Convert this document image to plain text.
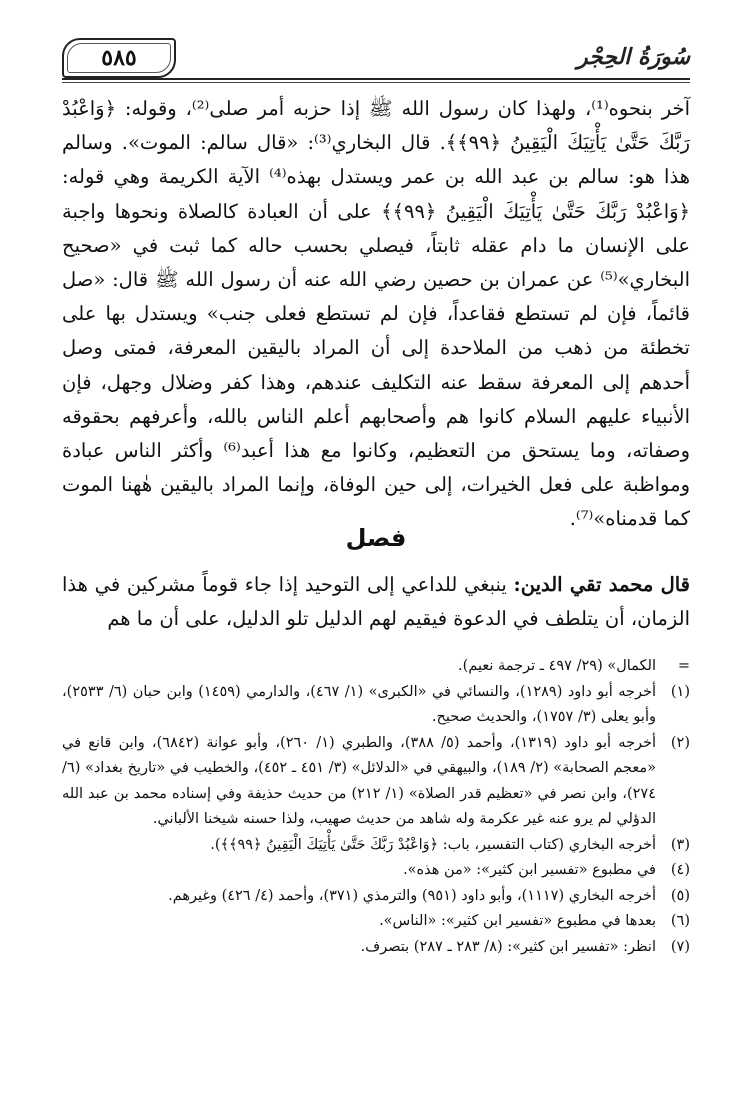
سُورَةُ الحِجْر
٥٨٥

آخر بنحوه⁽¹⁾، ولهذا كان رسول الله ﷺ إذا حزبه أمر صلى⁽²⁾، وقوله: ﴿وَاعْبُدْ رَبَّكَ حَتَّىٰ يَأْتِيَكَ الْيَقِينُ ﴿٩٩﴾﴾. قال البخاري⁽³⁾: «قال سالم: الموت». وسالم هذا هو: سالم بن عبد الله بن عمر ويستدل بهذه⁽⁴⁾ الآية الكريمة وهي قوله: ﴿وَاعْبُدْ رَبَّكَ حَتَّىٰ يَأْتِيَكَ الْيَقِينُ ﴿٩٩﴾﴾ على أن العبادة كالصلاة ونحوها واجبة على الإنسان ما دام عقله ثابتاً، فيصلي بحسب حاله كما ثبت في «صحيح البخاري»⁽⁵⁾ عن عمران بن حصين رضي الله عنه أن رسول الله ﷺ قال: «صل قائماً، فإن لم تستطع فقاعداً، فإن لم تستطع فعلى جنب» ويستدل بها على تخطئة من ذهب من الملاحدة إلى أن المراد باليقين المعرفة، فمتى وصل أحدهم إلى المعرفة سقط عنه التكليف عندهم، وهذا كفر وضلال وجهل، فإن الأنبياء عليهم السلام كانوا هم وأصحابهم أعلم الناس بالله، وأعرفهم بحقوقه وصفاته، وما يستحق من التعظيم، وكانوا مع هذا أعبد⁽⁶⁾ وأكثر الناس عبادة ومواظبة على فعل الخيرات، إلى حين الوفاة، وإنما المراد باليقين هٰهنا الموت كما قدمناه»⁽⁷⁾.

فصل

قال محمد تقي الدين: ينبغي للداعي إلى التوحيد إذا جاء قوماً مشركين في هذا الزمان، أن يتلطف في الدعوة فيقيم لهم الدليل تلو الدليل، على أن ما هم

=
الكمال» (٢٩/ ٤٩٧ ـ ترجمة نعيم).
(١)
أخرجه أبو داود (١٢٨٩)، والنسائي في «الكبرى» (١/ ٤٦٧)، والدارمي (١٤٥٩) وابن حبان (٦/ ٢٥٣٣)، وأبو يعلى (٣/ ١٧٥٧)، والحديث صحيح.
(٢)
أخرجه أبو داود (١٣١٩)، وأحمد (٥/ ٣٨٨)، والطبري (١/ ٢٦٠)، وأبو عوانة (٦٨٤٢)، وابن قانع في «معجم الصحابة» (٢/ ١٨٩)، والبيهقي في «الدلائل» (٣/ ٤٥١ ـ ٤٥٢)، والخطيب في «تاريخ بغداد» (٦/ ٢٧٤)، وابن نصر في «تعظيم قدر الصلاة» (١/ ٢١٢) من حديث حذيفة وفي إسناده محمد بن عبد الله الدؤلي لم يرو عنه غير عكرمة وله شاهد من حديث صهيب، ولذا حسنه شيخنا الألباني.
(٣)
أخرجه البخاري (كتاب التفسير، باب: ﴿وَاعْبُدْ رَبَّكَ حَتَّىٰ يَأْتِيَكَ الْيَقِينُ ﴿٩٩﴾﴾).
(٤)
في مطبوع «تفسير ابن كثير»: «من هذه».
(٥)
أخرجه البخاري (١١١٧)، وأبو داود (٩٥١) والترمذي (٣٧١)، وأحمد (٤/ ٤٢٦) وغيرهم.
(٦)
بعدها في مطبوع «تفسير ابن كثير»: «الناس».
(٧)
انظر: «تفسير ابن كثير»: (٨/ ٢٨٣ ـ ٢٨٧) بتصرف.
